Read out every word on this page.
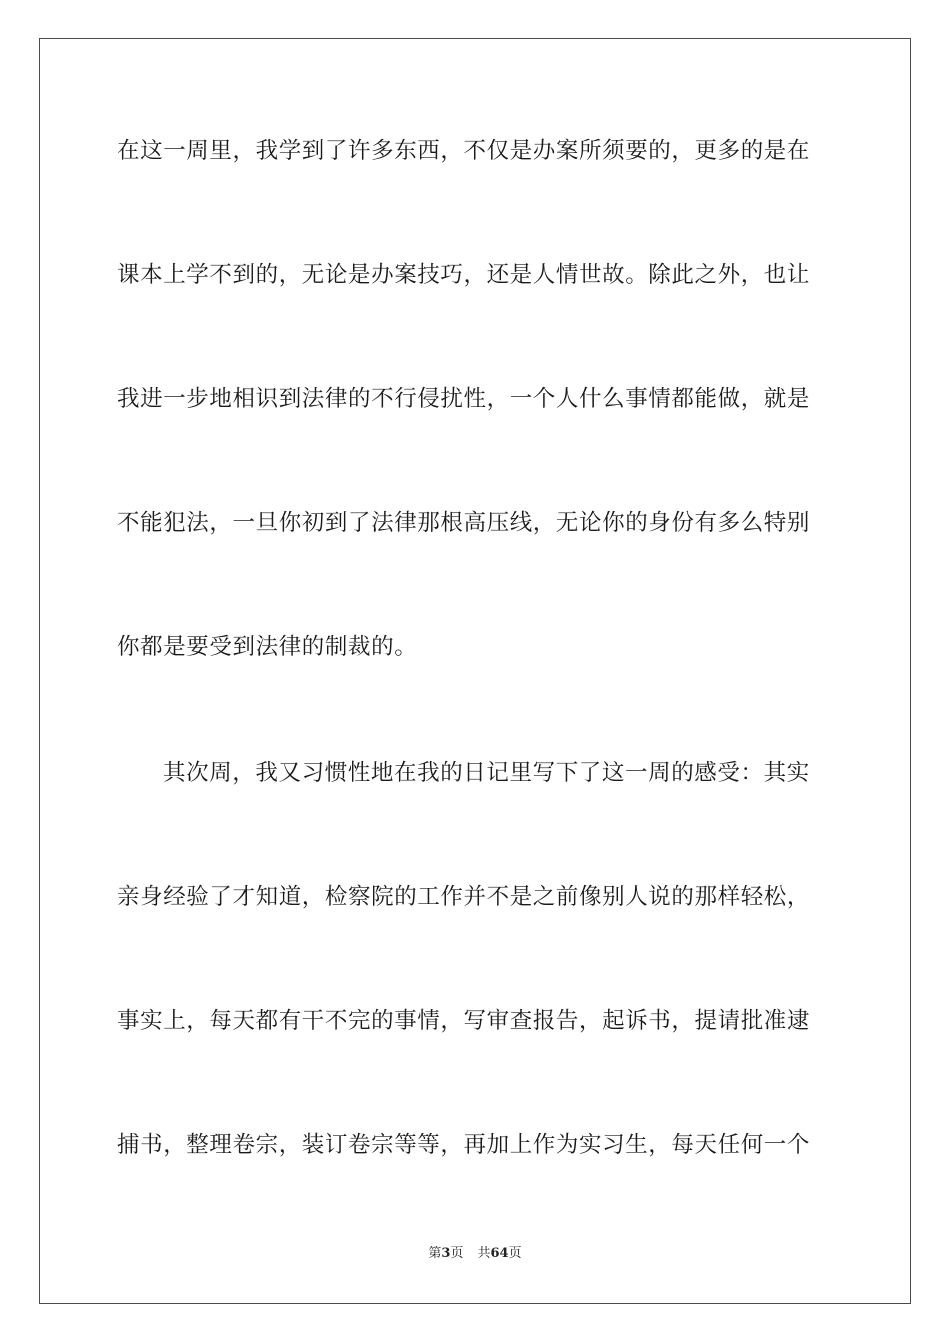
在这一周里，我学到了许多东西，不仅是办案所须要的，更多的是在
课本上学不到的，无论是办案技巧，还是人情世故。除此之外，也让
我进一步地相识到法律的不行侵扰性，一个人什么事情都能做，就是
不能犯法，一旦你初到了法律那根高压线，无论你的身份有多么特别
你都是要受到法律的制裁的。
其次周，我又习惯性地在我的日记里写下了这一周的感受：其实
亲身经验了才知道，检察院的工作并不是之前像别人说的那样轻松，
事实上，每天都有干不完的事情，写审查报告，起诉书，提请批准逮
捕书，整理卷宗，装订卷宗等等，再加上作为实习生，每天任何一个
第3页 共64页
